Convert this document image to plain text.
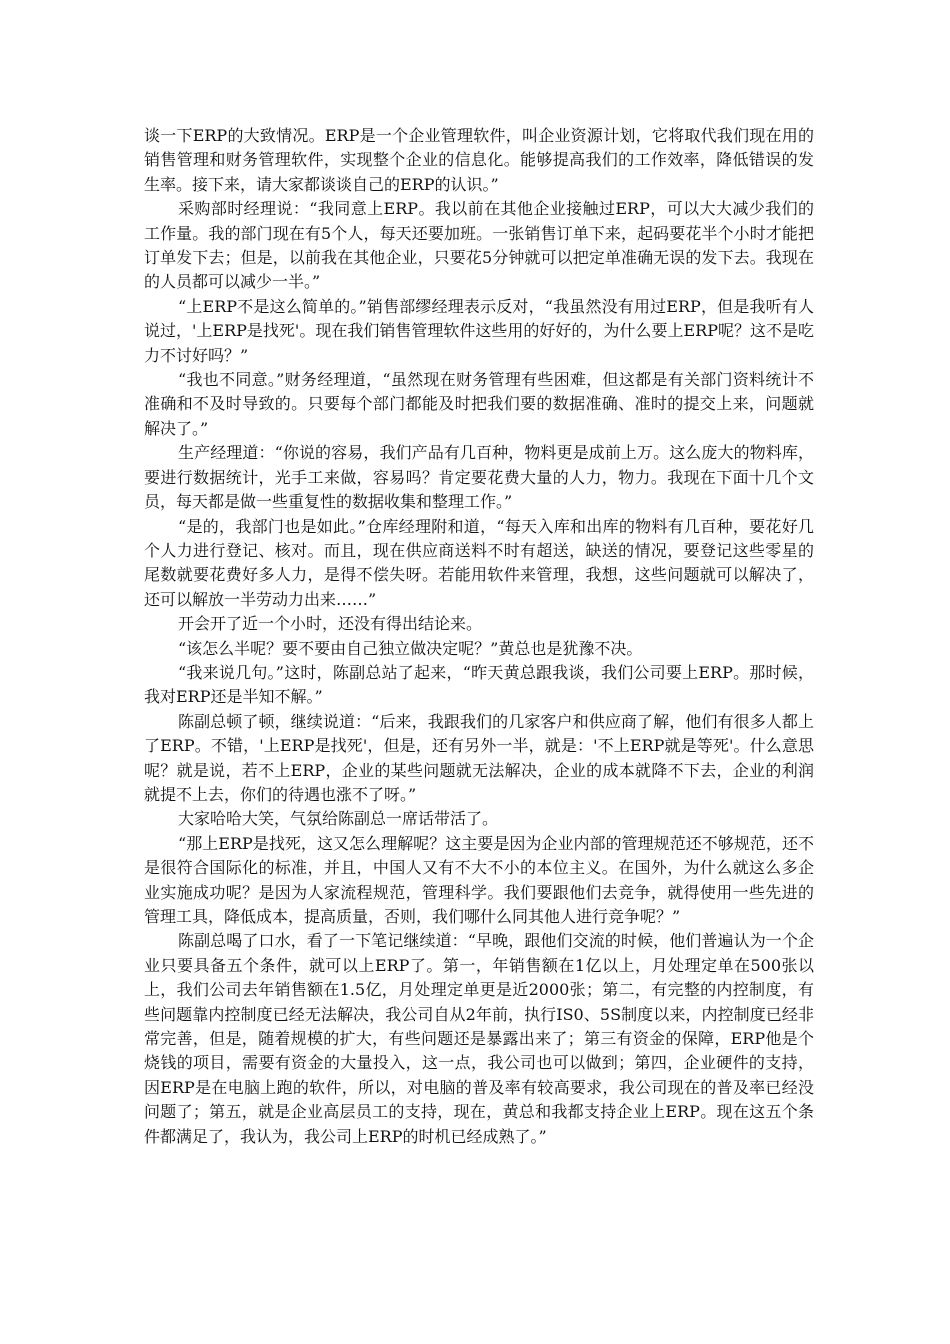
谈一下ERP的大致情况。ERP是一个企业管理软件，叫企业资源计划，它将取代我们现在用的销售管理和财务管理软件，实现整个企业的信息化。能够提高我们的工作效率，降低错误的发生率。接下来，请大家都谈谈自己的ERP的认识。”

采购部时经理说：“我同意上ERP。我以前在其他企业接触过ERP，可以大大减少我们的工作量。我的部门现在有5个人，每天还要加班。一张销售订单下来，起码要花半个小时才能把订单发下去；但是，以前我在其他企业，只要花5分钟就可以把定单准确无误的发下去。我现在的人员都可以减少一半。”

“上ERP不是这么简单的。”销售部缪经理表示反对，“我虽然没有用过ERP，但是我听有人说过，'上ERP是找死'。现在我们销售管理软件这些用的好好的，为什么要上ERP呢？这不是吃力不讨好吗？”

“我也不同意。”财务经理道，“虽然现在财务管理有些困难，但这都是有关部门资料统计不准确和不及时导致的。只要每个部门都能及时把我们要的数据准确、准时的提交上来，问题就解决了。”

生产经理道：“你说的容易，我们产品有几百种，物料更是成前上万。这么庞大的物料库，要进行数据统计，光手工来做，容易吗？肯定要花费大量的人力，物力。我现在下面十几个文员，每天都是做一些重复性的数据收集和整理工作。”

“是的，我部门也是如此。”仓库经理附和道，“每天入库和出库的物料有几百种，要花好几个人力进行登记、核对。而且，现在供应商送料不时有超送，缺送的情况，要登记这些零星的尾数就要花费好多人力，是得不偿失呀。若能用软件来管理，我想，这些问题就可以解决了，还可以解放一半劳动力出来……”

开会开了近一个小时，还没有得出结论来。

“该怎么半呢？要不要由自己独立做决定呢？”黄总也是犹豫不决。

“我来说几句。”这时，陈副总站了起来，“昨天黄总跟我谈，我们公司要上ERP。那时候，我对ERP还是半知不解。”

陈副总顿了顿，继续说道：“后来，我跟我们的几家客户和供应商了解，他们有很多人都上了ERP。不错，'上ERP是找死'，但是，还有另外一半，就是：'不上ERP就是等死'。什么意思呢？就是说，若不上ERP，企业的某些问题就无法解决，企业的成本就降不下去，企业的利润就提不上去，你们的待遇也涨不了呀。”

大家哈哈大笑，气氛给陈副总一席话带活了。

“那上ERP是找死，这又怎么理解呢？这主要是因为企业内部的管理规范还不够规范，还不是很符合国际化的标准，并且，中国人又有不大不小的本位主义。在国外，为什么就这么多企业实施成功呢？是因为人家流程规范，管理科学。我们要跟他们去竞争，就得使用一些先进的管理工具，降低成本，提高质量，否则，我们哪什么同其他人进行竞争呢？”

陈副总喝了口水，看了一下笔记继续道：“早晚，跟他们交流的时候，他们普遍认为一个企业只要具备五个条件，就可以上ERP了。第一，年销售额在1亿以上，月处理定单在500张以上，我们公司去年销售额在1.5亿，月处理定单更是近2000张；第二，有完整的内控制度，有些问题靠内控制度已经无法解决，我公司自从2年前，执行IS0、5S制度以来，内控制度已经非常完善，但是，随着规模的扩大，有些问题还是暴露出来了；第三有资金的保障，ERP他是个烧钱的项目，需要有资金的大量投入，这一点，我公司也可以做到；第四，企业硬件的支持，因ERP是在电脑上跑的软件，所以，对电脑的普及率有较高要求，我公司现在的普及率已经没问题了；第五，就是企业高层员工的支持，现在，黄总和我都支持企业上ERP。现在这五个条件都满足了，我认为，我公司上ERP的时机已经成熟了。”
